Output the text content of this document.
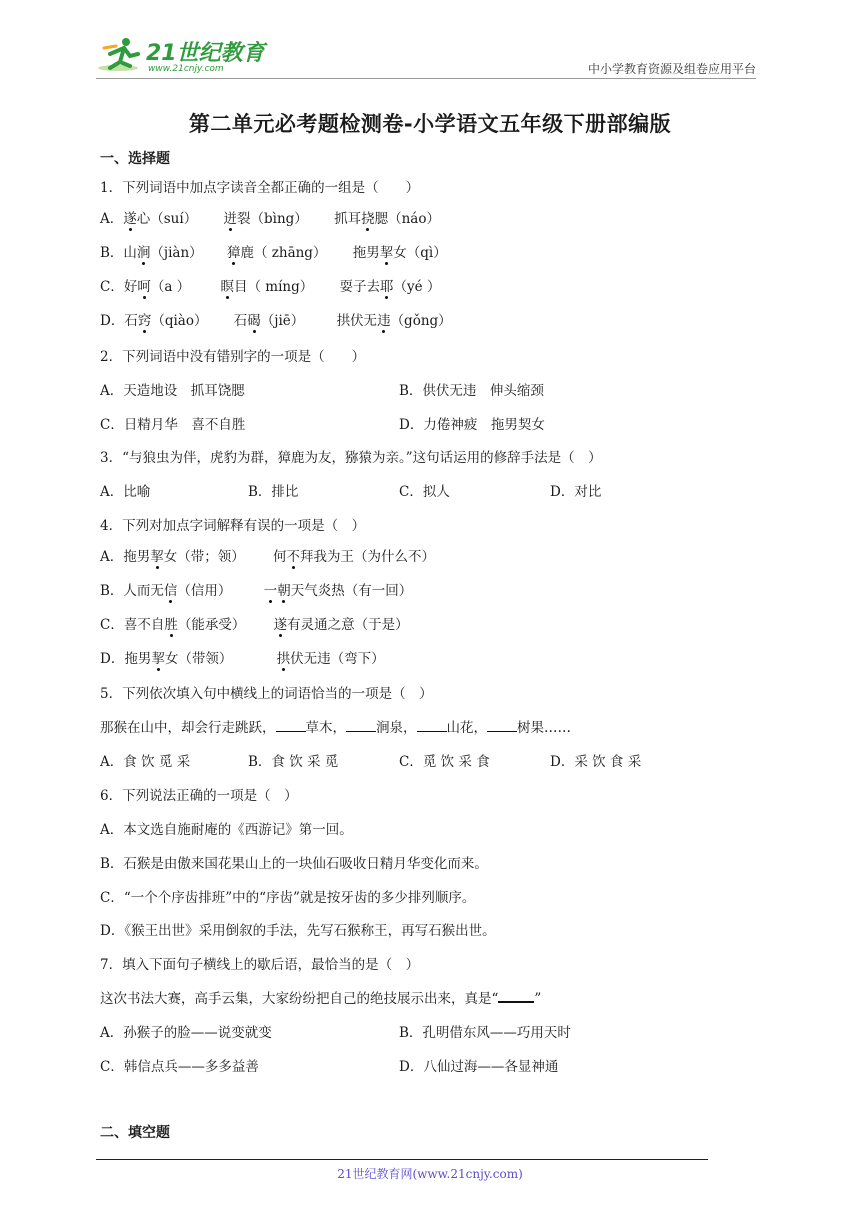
21世纪教育
www.21cnjy.com	中小学教育资源及组卷应用平台
第二单元必考题检测卷-小学语文五年级下册部编版
一、选择题
1．下列词语中加点字读音全都正确的一组是（　　）
A．遂心（suí） 迸裂（bìng） 抓耳挠腮（náo）
B．山涧（jiàn） 獐鹿（ zhāng） 拖男挈女（qì）
C．好呵（a ） 瞑目（ míng） 耍子去耶（yé ）
D．石窍（qiào） 石碣（jiē） 拱伏无违（gǒng）
2．下列词语中没有错别字的一项是（　　）
A．天造地设　抓耳饶腮	B．供伏无违　伸头缩颈
C．日精月华　喜不自胜	D．力倦神疲　拖男契女
3．“与狼虫为伴，虎豹为群，獐鹿为友，猕猿为亲。”这句话运用的修辞手法是（　）
A．比喻	B．排比	C．拟人	D．对比
4．下列对加点字词解释有误的一项是（　）
A．拖男挈女（带；领） 何不拜我为王（为什么不）
B．人而无信（信用） 一朝天气炎热（有一回）
C．喜不自胜（能承受） 遂有灵通之意（于是）
D．拖男挈女（带领）	拱伏无违（弯下）
5．下列依次填入句中横线上的词语恰当的一项是（　）
那猴在山中，却会行走跳跃， 草木， 涧泉， 山花， 树果……
A．食 饮 觅 采	B．食 饮 采 觅	C．觅 饮 采 食	D．采 饮 食 采
6．下列说法正确的一项是（　）
A．本文选自施耐庵的《西游记》第一回。
B．石猴是由傲来国花果山上的一块仙石吸收日精月华变化而来。
C．“一个个序齿排班”中的“序齿”就是按牙齿的多少排列顺序。
D．《猴王出世》采用倒叙的手法，先写石猴称王，再写石猴出世。
7．填入下面句子横线上的歇后语，最恰当的是（　）
这次书法大赛，高手云集，大家纷纷把自己的绝技展示出来，真是“	”
A．孙猴子的脸——说变就变	B．孔明借东风——巧用天时
C．韩信点兵——多多益善	D．八仙过海——各显神通
二、填空题
21世纪教育网(www.21cnjy.com)
